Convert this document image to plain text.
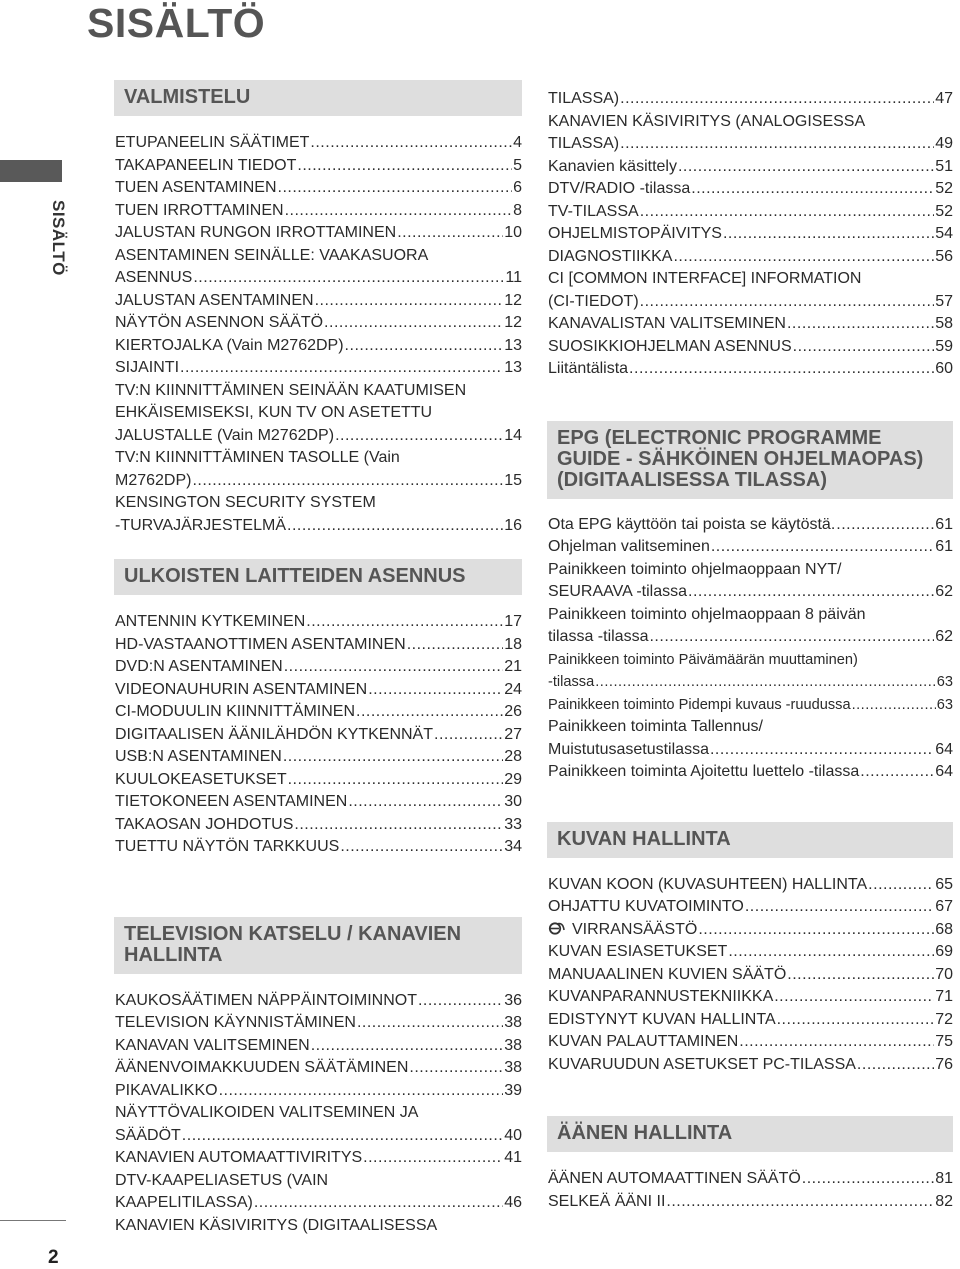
SISÄLTÖ
SISÄLTÖ
2
VALMISTELU
ETUPANEELIN SÄÄTIMET .....	4
TAKAPANEELIN TIEDOT .....	5
TUEN ASENTAMINEN .....	6
TUEN IRROTTAMINEN .....	8
JALUSTAN RUNGON IRROTTAMINEN .....	10
ASENTAMINEN SEINÄLLE: VAAKASUORA
ASENNUS .....	11
JALUSTAN ASENTAMINEN .....	12
NÄYTÖN ASENNON SÄÄTÖ .....	12
KIERTOJALKA (Vain M2762DP) .....	13
SIJAINTI .....	13
TV:N KIINNITTÄMINEN SEINÄÄN KAATUMISEN
EHKÄISEMISEKSI, KUN TV ON ASETETTU
JALUSTALLE (Vain M2762DP) .....	14
TV:N KIINNITTÄMINEN TASOLLE (Vain
M2762DP) .....	15
KENSINGTON SECURITY SYSTEM
-TURVAJÄRJESTELMÄ .....	16
ULKOISTEN LAITTEIDEN ASENNUS
ANTENNIN KYTKEMINEN .....	17
HD-VASTAANOTTIMEN ASENTAMINEN .....	18
DVD:N ASENTAMINEN .....	21
VIDEONAUHURIN ASENTAMINEN .....	24
CI-MODUULIN KIINNITTÄMINEN .....	26
DIGITAALISEN ÄÄNILÄHDÖN KYTKENNÄT .....	27
USB:N ASENTAMINEN .....	28
KUULOKEASETUKSET .....	29
TIETOKONEEN ASENTAMINEN .....	30
TAKAOSAN JOHDOTUS .....	33
TUETTU NÄYTÖN TARKKUUS .....	34
TELEVISION KATSELU / KANAVIEN HALLINTA
KAUKOSÄÄTIMEN NÄPPÄINTOIMINNOT .....	36
TELEVISION KÄYNNISTÄMINEN .....	38
KANAVAN VALITSEMINEN .....	38
ÄÄNENVOIMAKKUUDEN SÄÄTÄMINEN .....	38
PIKAVALIKKO .....	39
NÄYTTÖVALIKOIDEN VALITSEMINEN JA
SÄÄDÖT .....	40
KANAVIEN AUTOMAATTIVIRITYS .....	41
DTV-KAAPELIASETUS (VAIN
KAAPELITILASSA) .....	46
KANAVIEN KÄSIVIRITYS (DIGITAALISESSA
TILASSA) .....	47
KANAVIEN KÄSIVIRITYS (ANALOGISESSA
TILASSA) .....	49
Kanavien käsittely .....	51
DTV/RADIO -tilassa .....	52
TV-TILASSA .....	52
OHJELMISTOPÄIVITYS .....	54
DIAGNOSTIIKKA .....	56
CI [COMMON INTERFACE] INFORMATION
(CI-TIEDOT) .....	57
KANAVALISTAN VALITSEMINEN .....	58
SUOSIKKIOHJELMAN ASENNUS .....	59
Liitäntälista .....	60
EPG (ELECTRONIC PROGRAMME GUIDE - SÄHKÖINEN OHJELMAOPAS) (DIGITAALISESSA TILASSA)
Ota EPG käyttöön tai poista se käytöstä. .....	61
Ohjelman valitseminen .....	61
Painikkeen toiminto ohjelmaoppaan NYT/
SEURAAVA -tilassa .....	62
Painikkeen toiminto ohjelmaoppaan 8 päivän
tilassa -tilassa .....	62
Painikkeen toiminto Päivämäärän muuttaminen)
-tilassa .....	63
Painikkeen toiminto Pidempi kuvaus -ruudussa .....	63
Painikkeen toiminta Tallennus/
Muistutusasetustilassa .....	64
Painikkeen toiminta Ajoitettu luettelo -tilassa .....	64
KUVAN HALLINTA
KUVAN KOON (KUVASUHTEEN) HALLINTA .....	65
OHJATTU KUVATOIMINTO .....	67
VIRRANSÄÄSTÖ .....	68
KUVAN ESIASETUKSET .....	69
MANUAALINEN KUVIEN SÄÄTÖ .....	70
KUVANPARANNUSTEKNIIKKA .....	71
EDISTYNYT KUVAN HALLINTA .....	72
KUVAN PALAUTTAMINEN .....	75
KUVARUUDUN ASETUKSET PC-TILASSA .....	76
ÄÄNEN HALLINTA
ÄÄNEN AUTOMAATTINEN SÄÄTÖ .....	81
SELKEÄ ÄÄNI II .....	82
